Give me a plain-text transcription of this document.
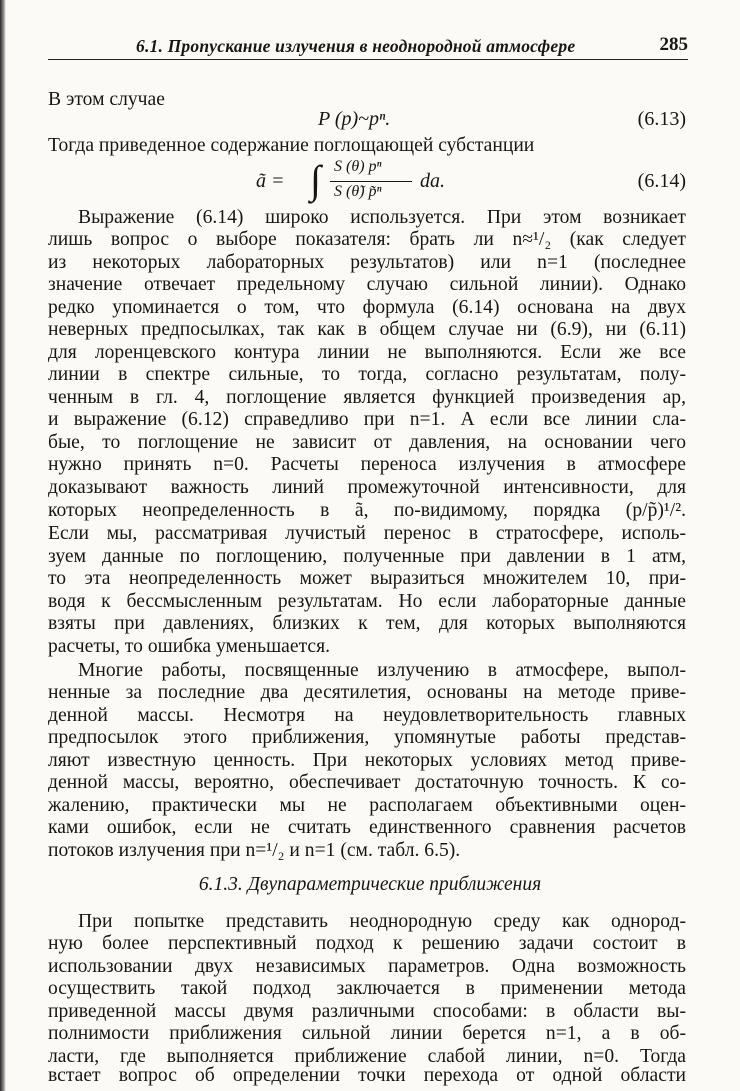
6.1. Пропускание излучения в неоднородной атмосфере	285
В этом случае
P (p)~pⁿ.	(6.13)
Тогда приведенное содержание поглощающей субстанции
ã = ∫ S (θ) pⁿ
S (θ̃) p̃ⁿ da.	(6.14)
Выражение (6.14) широко используется. При этом возникает
лишь вопрос о выборе показателя: брать ли n≈¹/₂ (как следует
из некоторых лабораторных результатов) или n=1 (последнее
значение отвечает предельному случаю сильной линии). Однако
редко упоминается о том, что формула (6.14) основана на двух
неверных предпосылках, так как в общем случае ни (6.9), ни (6.11)
для лоренцевского контура линии не выполняются. Если же все
линии в спектре сильные, то тогда, согласно результатам, полу-
ченным в гл. 4, поглощение является функцией произведения ap,
и выражение (6.12) справедливо при n=1. А если все линии сла-
бые, то поглощение не зависит от давления, на основании чего
нужно принять n=0. Расчеты переноса излучения в атмосфере
доказывают важность линий промежуточной интенсивности, для
которых неопределенность в ã, по-видимому, порядка (p/p̃)¹/².
Если мы, рассматривая лучистый перенос в стратосфере, исполь-
зуем данные по поглощению, полученные при давлении в 1 атм,
то эта неопределенность может выразиться множителем 10, при-
водя к бессмысленным результатам. Но если лабораторные данные
взяты при давлениях, близких к тем, для которых выполняются
расчеты, то ошибка уменьшается.
Многие работы, посвященные излучению в атмосфере, выпол-
ненные за последние два десятилетия, основаны на методе приве-
денной массы. Несмотря на неудовлетворительность главных
предпосылок этого приближения, упомянутые работы представ-
ляют известную ценность. При некоторых условиях метод приве-
денной массы, вероятно, обеспечивает достаточную точность. К со-
жалению, практически мы не располагаем объективными оцен-
ками ошибок, если не считать единственного сравнения расчетов
потоков излучения при n=¹/₂ и n=1 (см. табл. 6.5).
6.1.3. Двупараметрические приближения
При попытке представить неоднородную среду как однород-
ную более перспективный подход к решению задачи состоит в
использовании двух независимых параметров. Одна возможность
осуществить такой подход заключается в применении метода
приведенной массы двумя различными способами: в области вы-
полнимости приближения сильной линии берется n=1, а в об-
ласти, где выполняется приближение слабой линии, n=0. Тогда
встает вопрос об определении точки перехода от одной области
